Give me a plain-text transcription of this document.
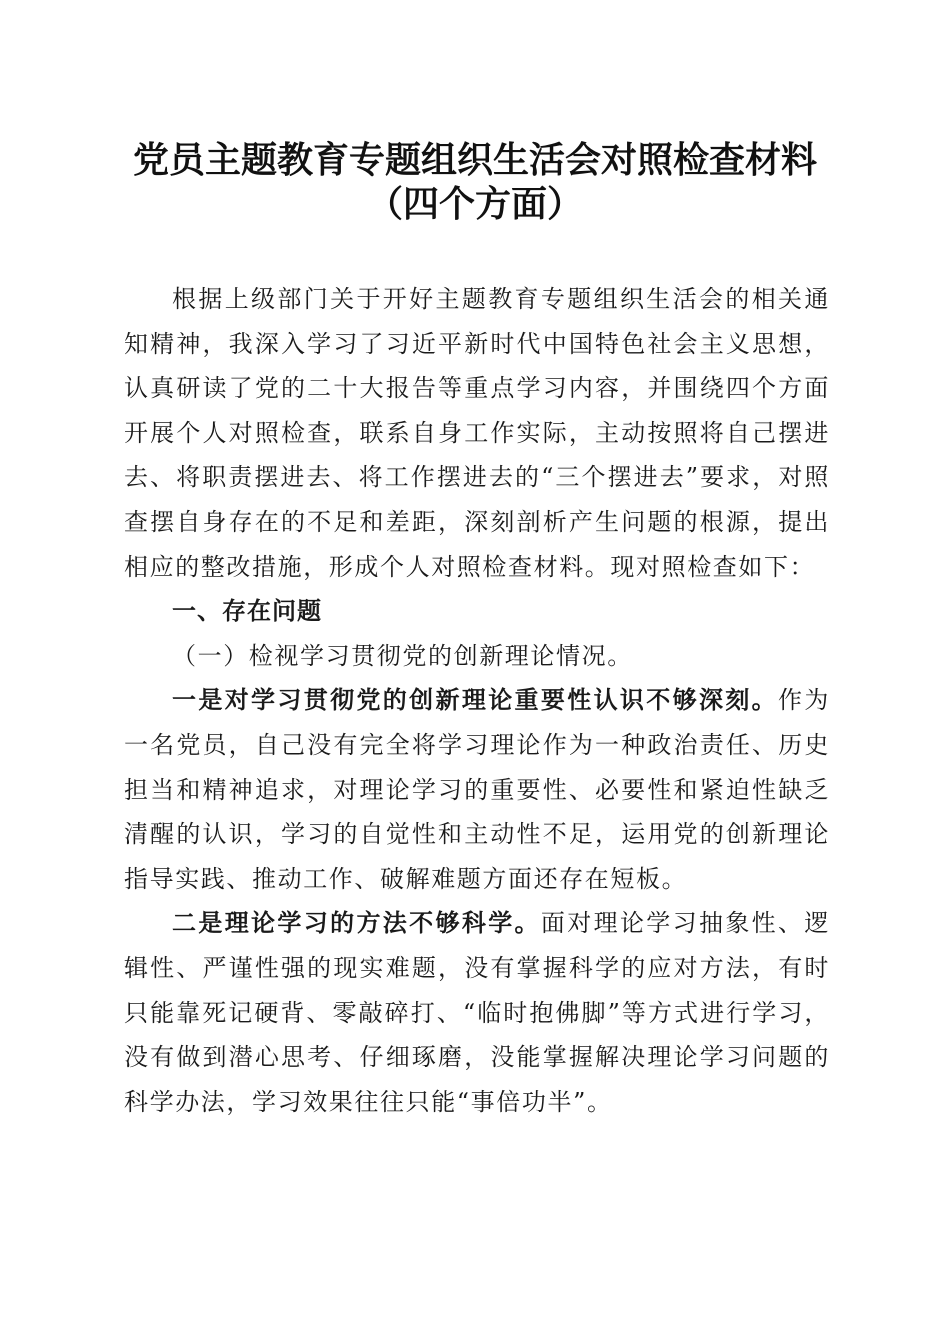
党员主题教育专题组织生活会对照检查材料
（四个方面）

根据上级部门关于开好主题教育专题组织生活会的相关通知精神，我深入学习了习近平新时代中国特色社会主义思想，认真研读了党的二十大报告等重点学习内容，并围绕四个方面开展个人对照检查，联系自身工作实际，主动按照将自己摆进去、将职责摆进去、将工作摆进去的“三个摆进去”要求，对照查摆自身存在的不足和差距，深刻剖析产生问题的根源，提出相应的整改措施，形成个人对照检查材料。现对照检查如下：

一、存在问题

（一）检视学习贯彻党的创新理论情况。

一是对学习贯彻党的创新理论重要性认识不够深刻。作为一名党员，自己没有完全将学习理论作为一种政治责任、历史担当和精神追求，对理论学习的重要性、必要性和紧迫性缺乏清醒的认识，学习的自觉性和主动性不足，运用党的创新理论指导实践、推动工作、破解难题方面还存在短板。

二是理论学习的方法不够科学。面对理论学习抽象性、逻辑性、严谨性强的现实难题，没有掌握科学的应对方法，有时只能靠死记硬背、零敲碎打、“临时抱佛脚”等方式进行学习，没有做到潜心思考、仔细琢磨，没能掌握解决理论学习问题的科学办法，学习效果往往只能“事倍功半”。
